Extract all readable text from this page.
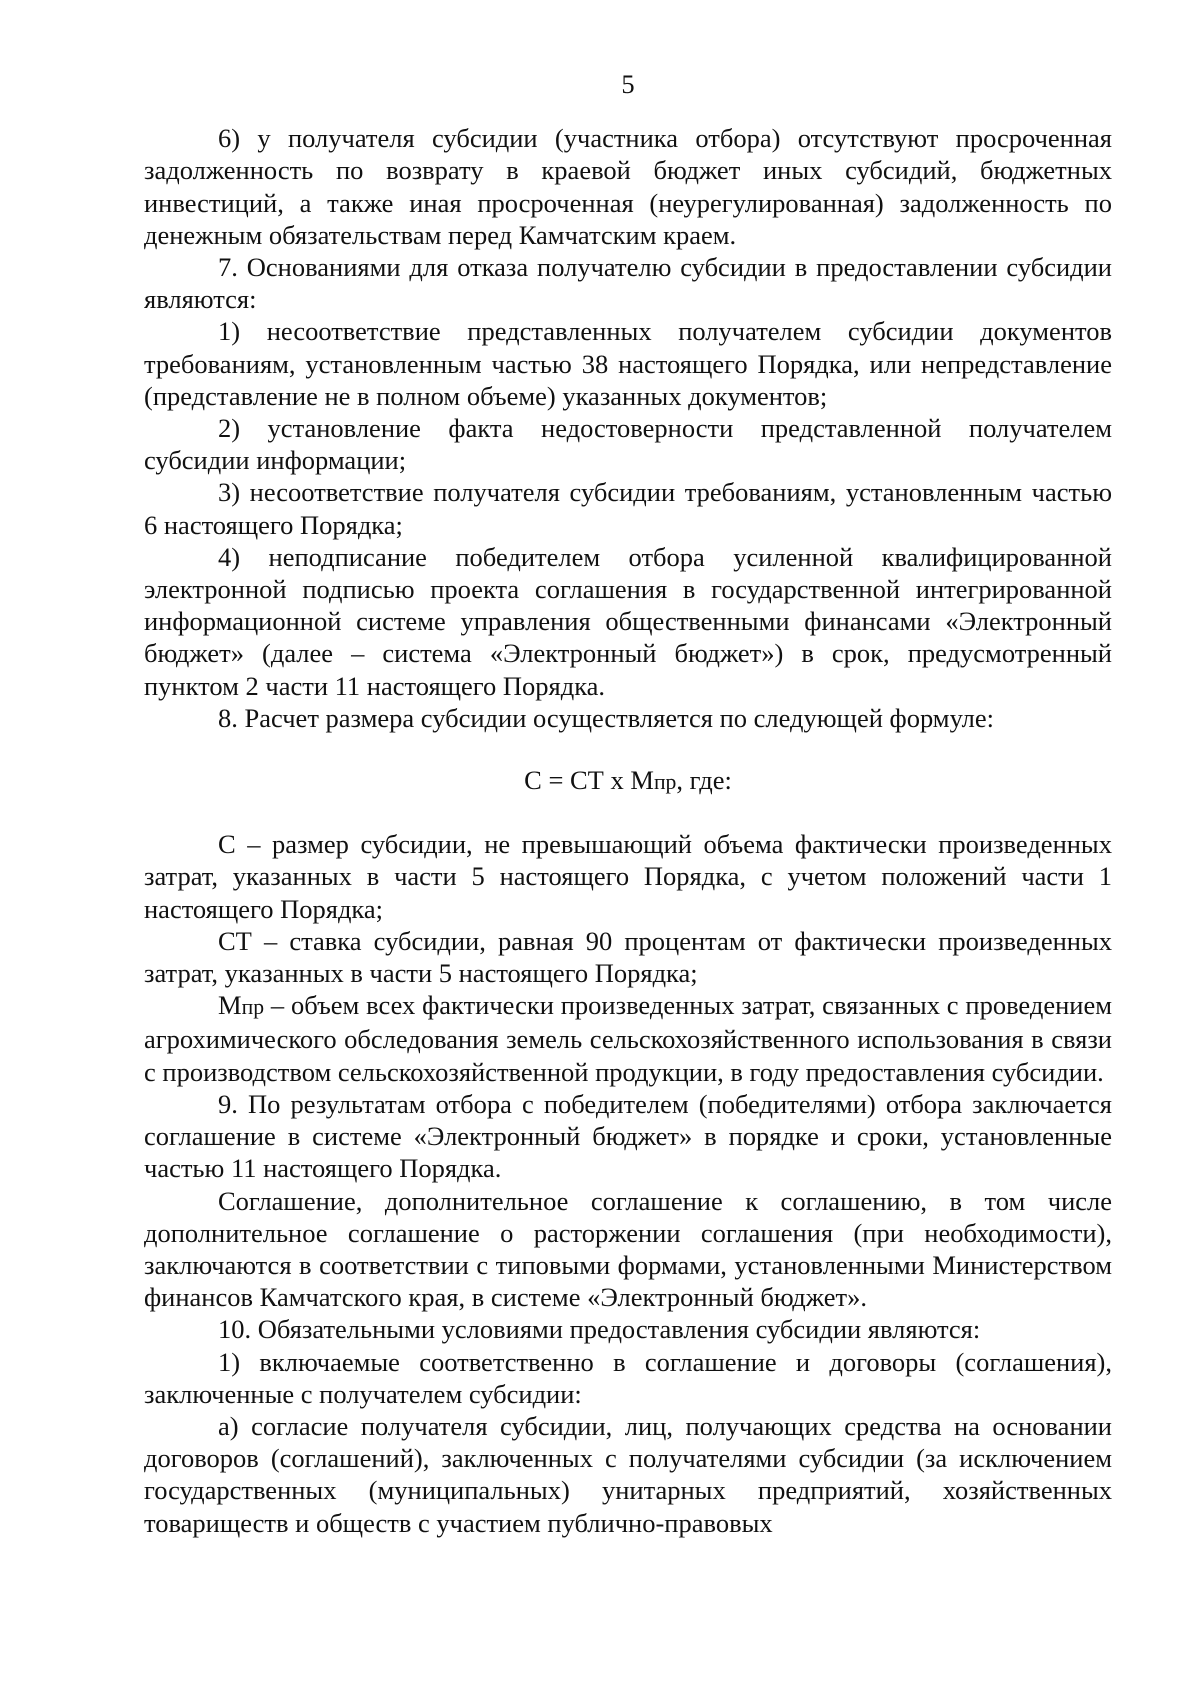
5

6) у получателя субсидии (участника отбора) отсутствуют просроченная задолженность по возврату в краевой бюджет иных субсидий, бюджетных инвестиций, а также иная просроченная (неурегулированная) задолженность по денежным обязательствам перед Камчатским краем.

7. Основаниями для отказа получателю субсидии в предоставлении субсидии являются:

1) несоответствие представленных получателем субсидии документов требованиям, установленным частью 38 настоящего Порядка, или непредставление (представление не в полном объеме) указанных документов;

2) установление факта недостоверности представленной получателем субсидии информации;

3) несоответствие получателя субсидии требованиям, установленным частью 6 настоящего Порядка;

4) неподписание победителем отбора усиленной квалифицированной электронной подписью проекта соглашения в государственной интегрированной информационной системе управления общественными финансами «Электронный бюджет» (далее – система «Электронный бюджет») в срок, предусмотренный пунктом 2 части 11 настоящего Порядка.

8. Расчет размера субсидии осуществляется по следующей формуле:

С = СТ х Мпр, где:

С – размер субсидии, не превышающий объема фактически произведенных затрат, указанных в части 5 настоящего Порядка, с учетом положений части 1 настоящего Порядка;

СТ – ставка субсидии, равная 90 процентам от фактически произведенных затрат, указанных в части 5 настоящего Порядка;

Мпр – объем всех фактически произведенных затрат, связанных с проведением агрохимического обследования земель сельскохозяйственного использования в связи с производством сельскохозяйственной продукции, в году предоставления субсидии.

9. По результатам отбора с победителем (победителями) отбора заключается соглашение в системе «Электронный бюджет» в порядке и сроки, установленные частью 11 настоящего Порядка.

Соглашение, дополнительное соглашение к соглашению, в том числе дополнительное соглашение о расторжении соглашения (при необходимости), заключаются в соответствии с типовыми формами, установленными Министерством финансов Камчатского края, в системе «Электронный бюджет».

10. Обязательными условиями предоставления субсидии являются:

1) включаемые соответственно в соглашение и договоры (соглашения), заключенные с получателем субсидии:

а) согласие получателя субсидии, лиц, получающих средства на основании договоров (соглашений), заключенных с получателями субсидии (за исключением государственных (муниципальных) унитарных предприятий, хозяйственных товариществ и обществ с участием публично-правовых
